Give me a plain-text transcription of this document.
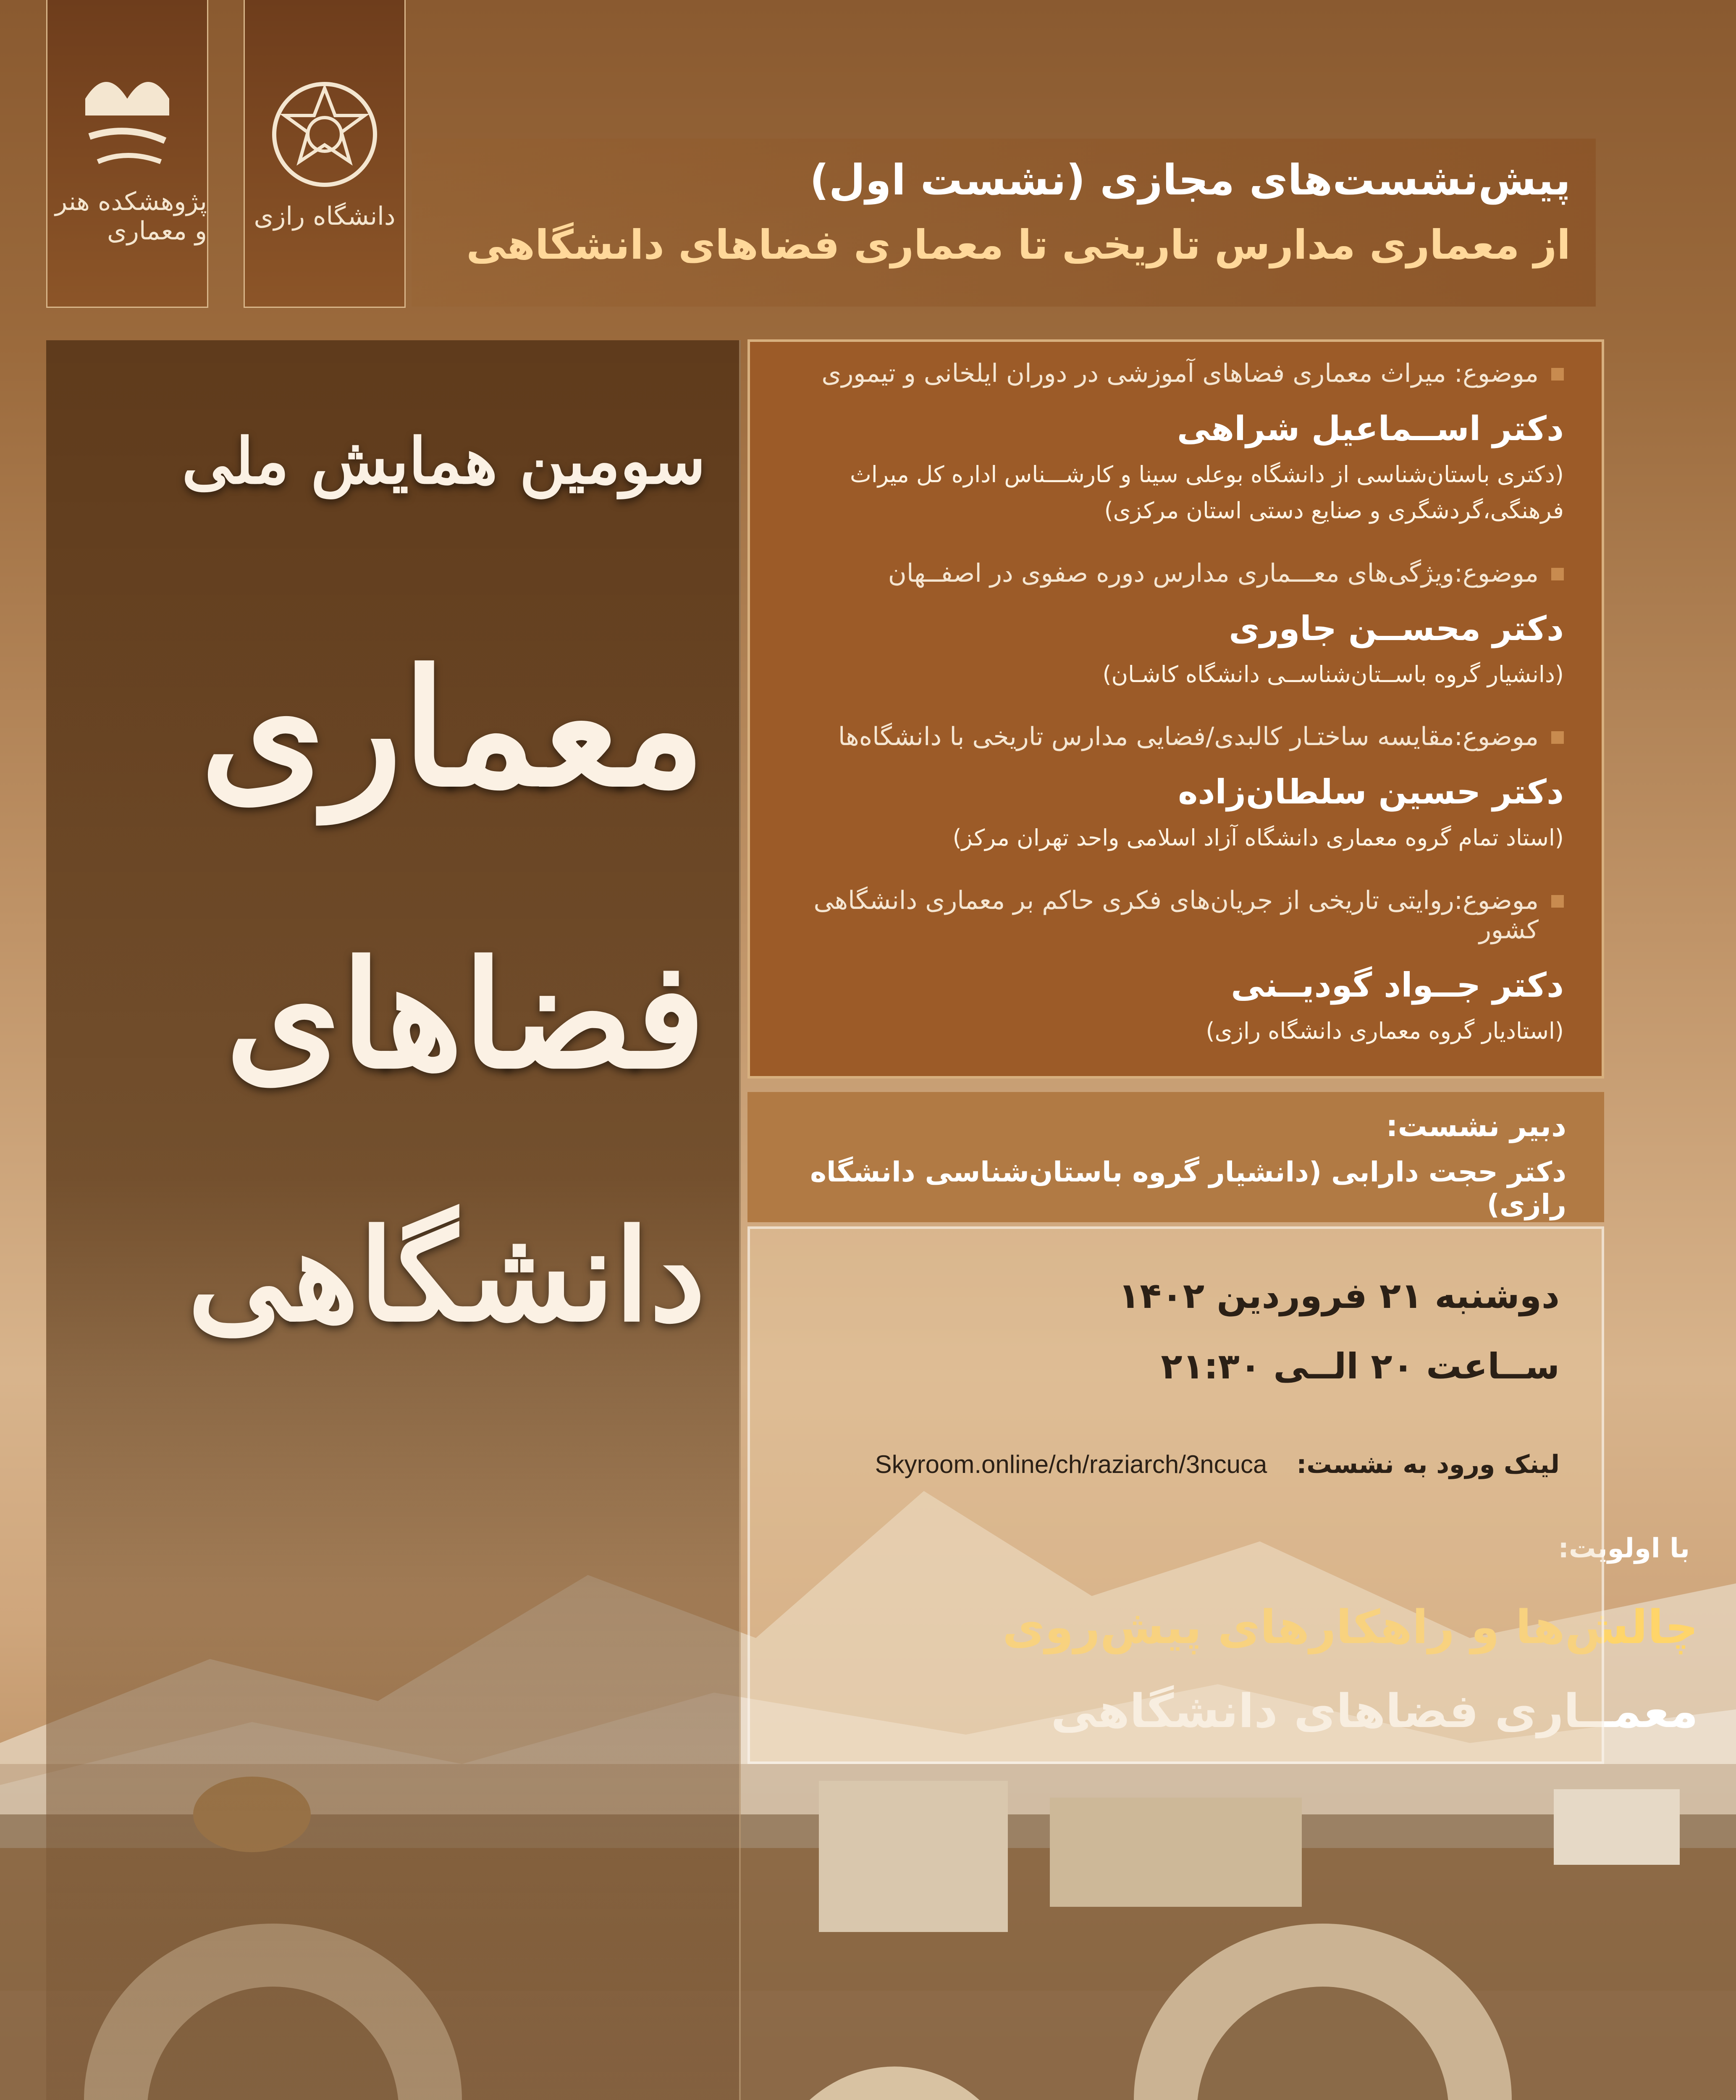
پژوهشکده هنر و معماری دانشگاه رازی
پیش‌نشست‌های مجازی (نشست اول)
از معماری مدارس تاریخی تا معماری فضاهای دانشگاهی
سومین همایش ملی
معماری
فضاهای
دانشگاهی
با اولویت:
چالش‌ها و راهکارهای پیش‌روی
معمــاری فضاهای دانشگاهی
موضوع: میراث معماری فضاهای آموزشی در دوران ایلخانی و تیموری
دکتر اســماعیل شراهی
(دکتری باستان‌شناسی از دانشگاه بوعلی سینا و کارشـــناس اداره کل میراث فرهنگی،گردشگری و صنایع دستی استان مرکزی)
موضوع:ویژگی‌های معـــماری مدارس دوره صفوی در اصفــهان
دکتر محســن جاوری
(دانشیار گروه باســتان‌شناســی دانشگاه کاشـان)
موضوع:مقایسه ساختـار کالبدی/فضایی مدارس تاریخی با دانشگاه‌ها
دکتر حسین سلطان‌زاده
(استاد تمام گروه معماری دانشگاه آزاد اسلامی واحد تهران مرکز)
موضوع:روایتی تاریخی از جریان‌های فکری حاکم بر معماری دانشگاهی کشور
دکتر جــواد گودیــنی
(استادیار گروه معماری دانشگاه رازی)
دبیر نشست:
دکتر حجت دارابی (دانشیار گروه باستان‌شناسی دانشگاه رازی)
دوشنبه ۲۱ فروردین ۱۴۰۲
ســاعت ۲۰ الــی ۲۱:۳۰
لینک ورود به نشست:
Skyroom.online/ch/raziarch/3ncuca
